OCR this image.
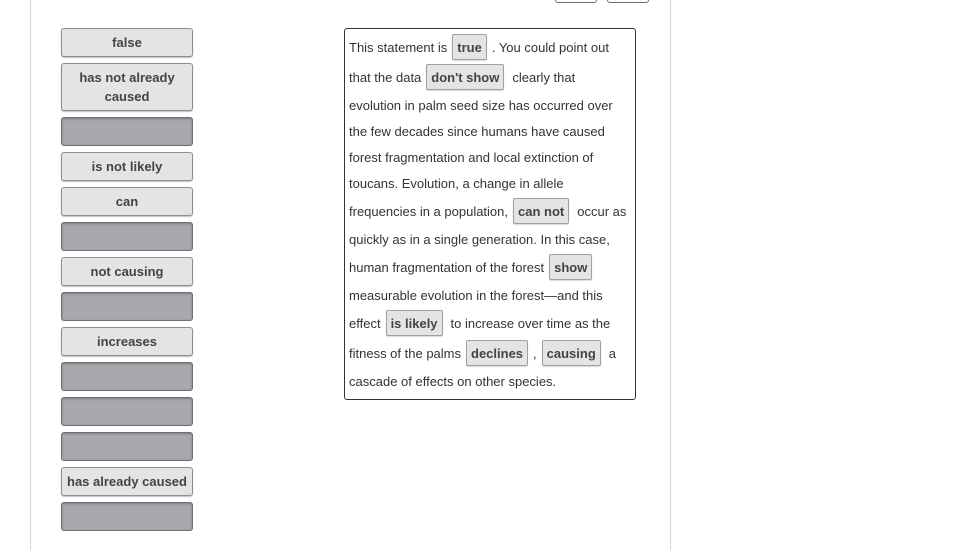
false
has not already caused
is not likely
can
not causing
increases
has already caused
This statement is true . You could point out
that the data don't show	clearly that
evolution in palm seed size has occurred over
the few decades since humans have caused
forest fragmentation and local extinction of
toucans. Evolution, a change in allele
frequencies in a population, can not	occur as
quickly as in a single generation. In this case,
human fragmentation of the forest show
measurable evolution in the forest—and this
effect is likely	to increase over time as the
fitness of the palms declines , causing	a
cascade of effects on other species.
